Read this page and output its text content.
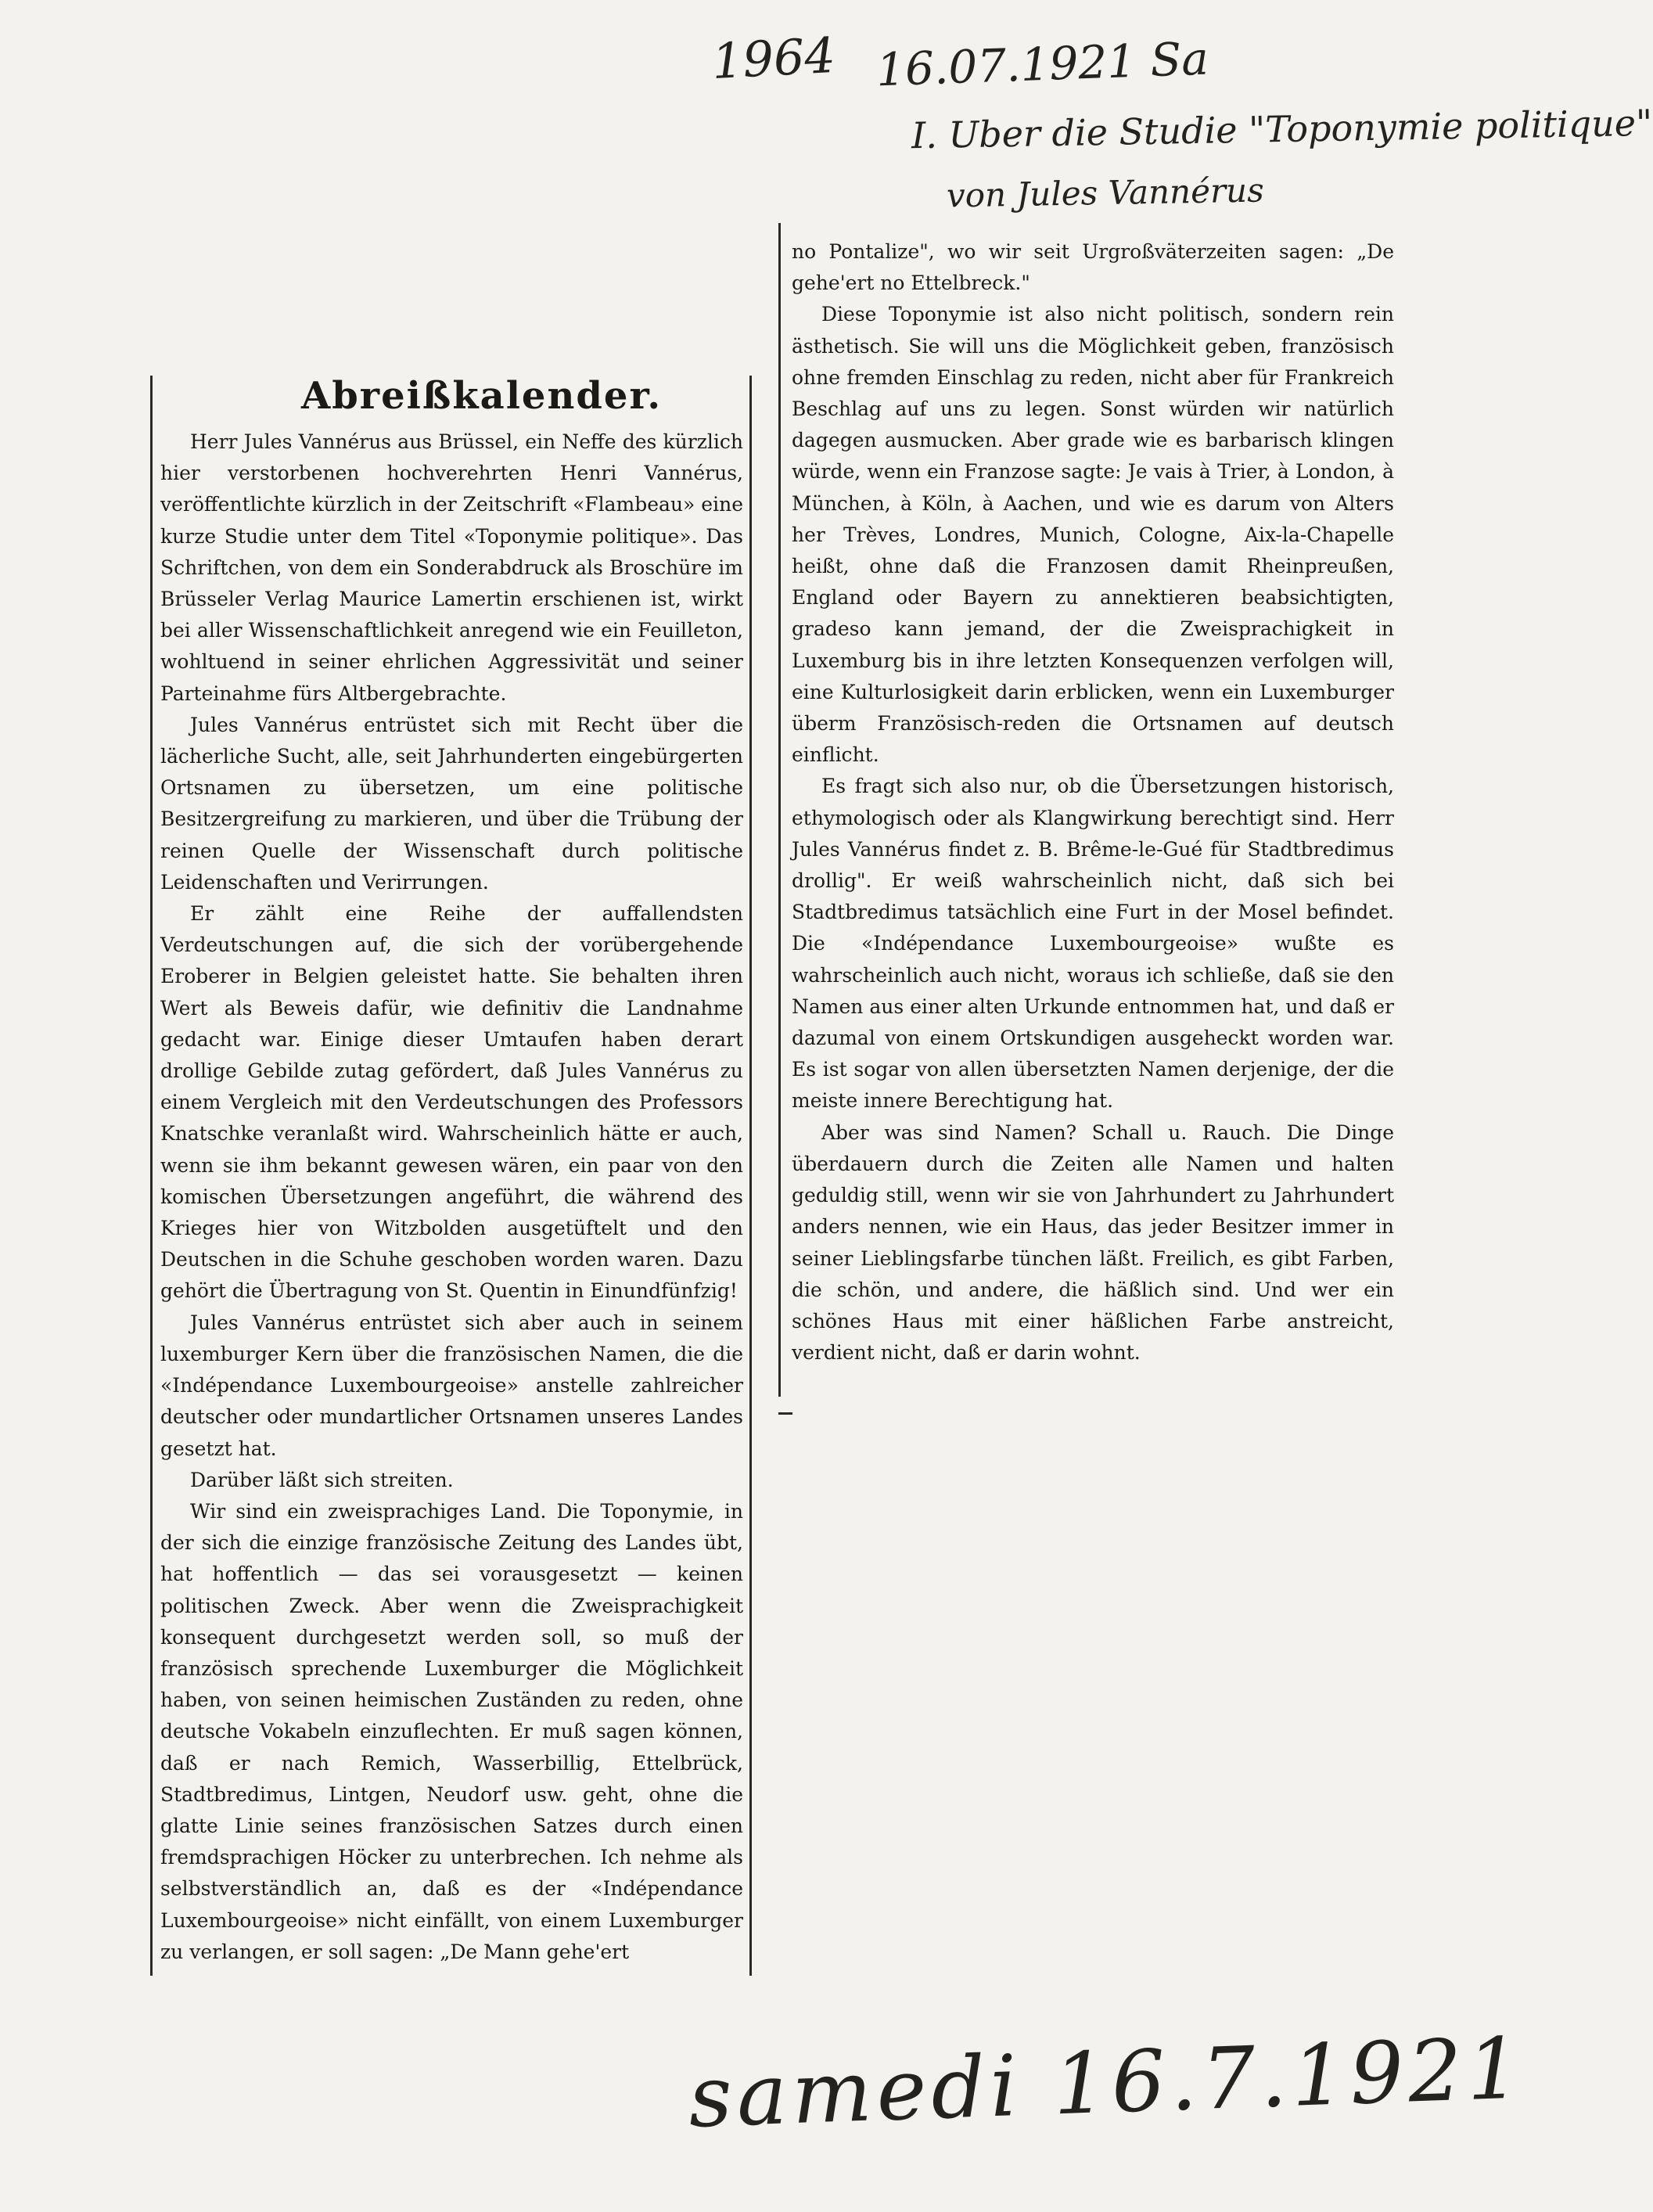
1964 16.07.1921 Sa
I. Uber die Studie "Toponymie politique"
von Jules Vannérus
Abreißkalender.

Herr Jules Vannérus aus Brüssel, ein Neffe des kürzlich hier verstorbenen hochverehrten Henri Vannérus, veröffentlichte kürzlich in der Zeitschrift «Flambeau» eine kurze Studie unter dem Titel «Toponymie politique». Das Schriftchen, von dem ein Sonderabdruck als Broschüre im Brüsseler Verlag Maurice Lamertin erschienen ist, wirkt bei aller Wissenschaftlichkeit anregend wie ein Feuilleton, wohltuend in seiner ehrlichen Aggressivität und seiner Parteinahme fürs Altbergebrachte.

Jules Vannérus entrüstet sich mit Recht über die lächerliche Sucht, alle, seit Jahrhunderten eingebürgerten Ortsnamen zu übersetzen, um eine politische Besitzergreifung zu markieren, und über die Trübung der reinen Quelle der Wissenschaft durch politische Leidenschaften und Verirrungen.

Er zählt eine Reihe der auffallendsten Verdeutschungen auf, die sich der vorübergehende Eroberer in Belgien geleistet hatte. Sie behalten ihren Wert als Beweis dafür, wie definitiv die Landnahme gedacht war. Einige dieser Umtaufen haben derart drollige Gebilde zutag gefördert, daß Jules Vannérus zu einem Vergleich mit den Verdeutschungen des Professors Knatschke veranlaßt wird. Wahrscheinlich hätte er auch, wenn sie ihm bekannt gewesen wären, ein paar von den komischen Übersetzungen angeführt, die während des Krieges hier von Witzbolden ausgetüftelt und den Deutschen in die Schuhe geschoben worden waren. Dazu gehört die Übertragung von St. Quentin in Einundfünfzig!

Jules Vannérus entrüstet sich aber auch in seinem luxemburger Kern über die französischen Namen, die die «Indépendance Luxembourgeoise» anstelle zahlreicher deutscher oder mundartlicher Ortsnamen unseres Landes gesetzt hat.

Darüber läßt sich streiten.

Wir sind ein zweisprachiges Land. Die Toponymie, in der sich die einzige französische Zeitung des Landes übt, hat hoffentlich — das sei vorausgesetzt — keinen politischen Zweck. Aber wenn die Zweisprachigkeit konsequent durchgesetzt werden soll, so muß der französisch sprechende Luxemburger die Möglichkeit haben, von seinen heimischen Zuständen zu reden, ohne deutsche Vokabeln einzuflechten. Er muß sagen können, daß er nach Remich, Wasserbillig, Ettelbrück, Stadtbredimus, Lintgen, Neudorf usw. geht, ohne die glatte Linie seines französischen Satzes durch einen fremdsprachigen Höcker zu unterbrechen. Ich nehme als selbstverständlich an, daß es der «Indépendance Luxembourgeoise» nicht einfällt, von einem Luxemburger zu verlangen, er soll sagen: „De Mann gehe'ert

no Pontalize", wo wir seit Urgroßväterzeiten sagen: „De gehe'ert no Ettelbreck."

Diese Toponymie ist also nicht politisch, sondern rein ästhetisch. Sie will uns die Möglichkeit geben, französisch ohne fremden Einschlag zu reden, nicht aber für Frankreich Beschlag auf uns zu legen. Sonst würden wir natürlich dagegen ausmucken. Aber grade wie es barbarisch klingen würde, wenn ein Franzose sagte: Je vais à Trier, à London, à München, à Köln, à Aachen, und wie es darum von Alters her Trèves, Londres, Munich, Cologne, Aix-la-Chapelle heißt, ohne daß die Franzosen damit Rheinpreußen, England oder Bayern zu annektieren beabsichtigten, gradeso kann jemand, der die Zweisprachigkeit in Luxemburg bis in ihre letzten Konsequenzen verfolgen will, eine Kulturlosigkeit darin erblicken, wenn ein Luxemburger überm Französisch-reden die Ortsnamen auf deutsch einflicht.

Es fragt sich also nur, ob die Übersetzungen historisch, ethymologisch oder als Klangwirkung berechtigt sind. Herr Jules Vannérus findet z. B. Brême-le-Gué für Stadtbredimus drollig". Er weiß wahrscheinlich nicht, daß sich bei Stadtbredimus tatsächlich eine Furt in der Mosel befindet. Die «Indépendance Luxembourgeoise» wußte es wahrscheinlich auch nicht, woraus ich schließe, daß sie den Namen aus einer alten Urkunde entnommen hat, und daß er dazumal von einem Ortskundigen ausgeheckt worden war. Es ist sogar von allen übersetzten Namen derjenige, der die meiste innere Berechtigung hat.

Aber was sind Namen? Schall u. Rauch. Die Dinge überdauern durch die Zeiten alle Namen und halten geduldig still, wenn wir sie von Jahrhundert zu Jahrhundert anders nennen, wie ein Haus, das jeder Besitzer immer in seiner Lieblingsfarbe tünchen läßt. Freilich, es gibt Farben, die schön, und andere, die häßlich sind. Und wer ein schönes Haus mit einer häßlichen Farbe anstreicht, verdient nicht, daß er darin wohnt.

samedi 16.7.1921
